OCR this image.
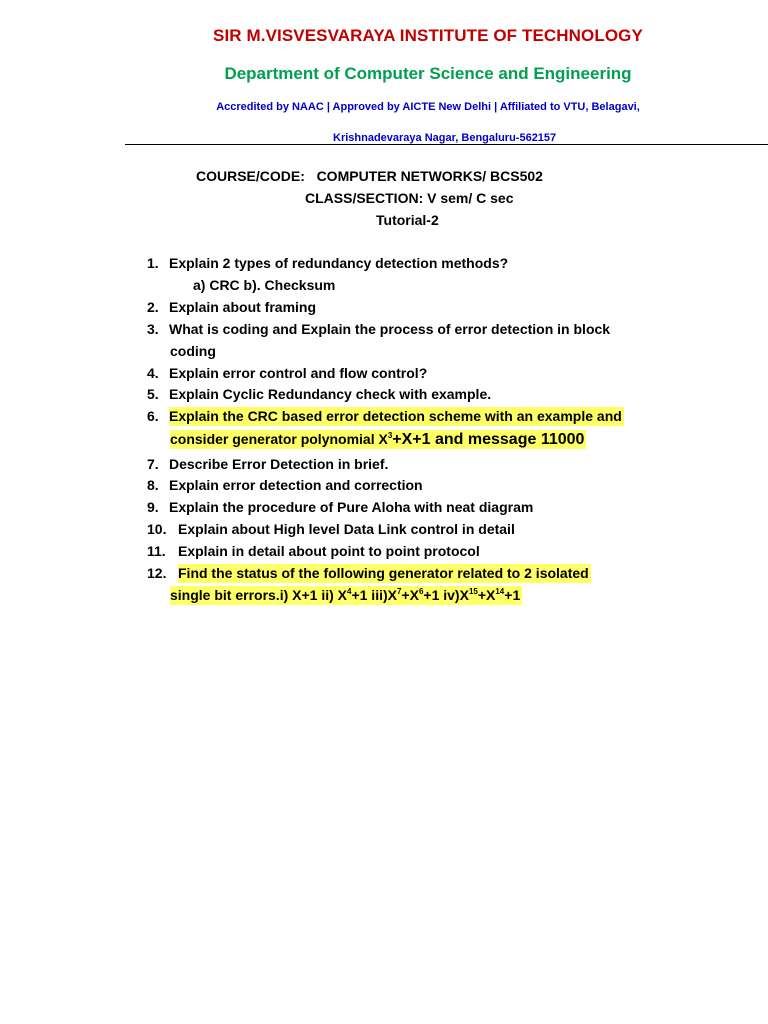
SIR M.VISVESVARAYA INSTITUTE OF TECHNOLOGY
Department of Computer Science and Engineering
Accredited by NAAC | Approved by AICTE New Delhi | Affiliated to VTU, Belagavi,
Krishnadevaraya Nagar, Bengaluru-562157
COURSE/CODE:   COMPUTER NETWORKS/ BCS502
CLASS/SECTION: V sem/ C sec
Tutorial-2
1. Explain 2 types of redundancy detection methods?
a) CRC b). Checksum
2. Explain about framing
3. What is coding and Explain the process of error detection in block
coding
4. Explain error control and flow control?
5. Explain Cyclic Redundancy check with example.
6. Explain the CRC based error detection scheme with an example and
consider generator polynomial $X^3+X+1$ and message 11000
7. Describe Error Detection in brief.
8. Explain error detection and correction
9. Explain the procedure of Pure Aloha with neat diagram
10. Explain about High level Data Link control in detail
11. Explain in detail about point to point protocol
12. Find the status of the following generator related to 2 isolated
single bit errors.i) X+1 ii) $X^4+1$ $iii)X^7+X^6+1$ $iv)X^{15}+X^{14}+1$
